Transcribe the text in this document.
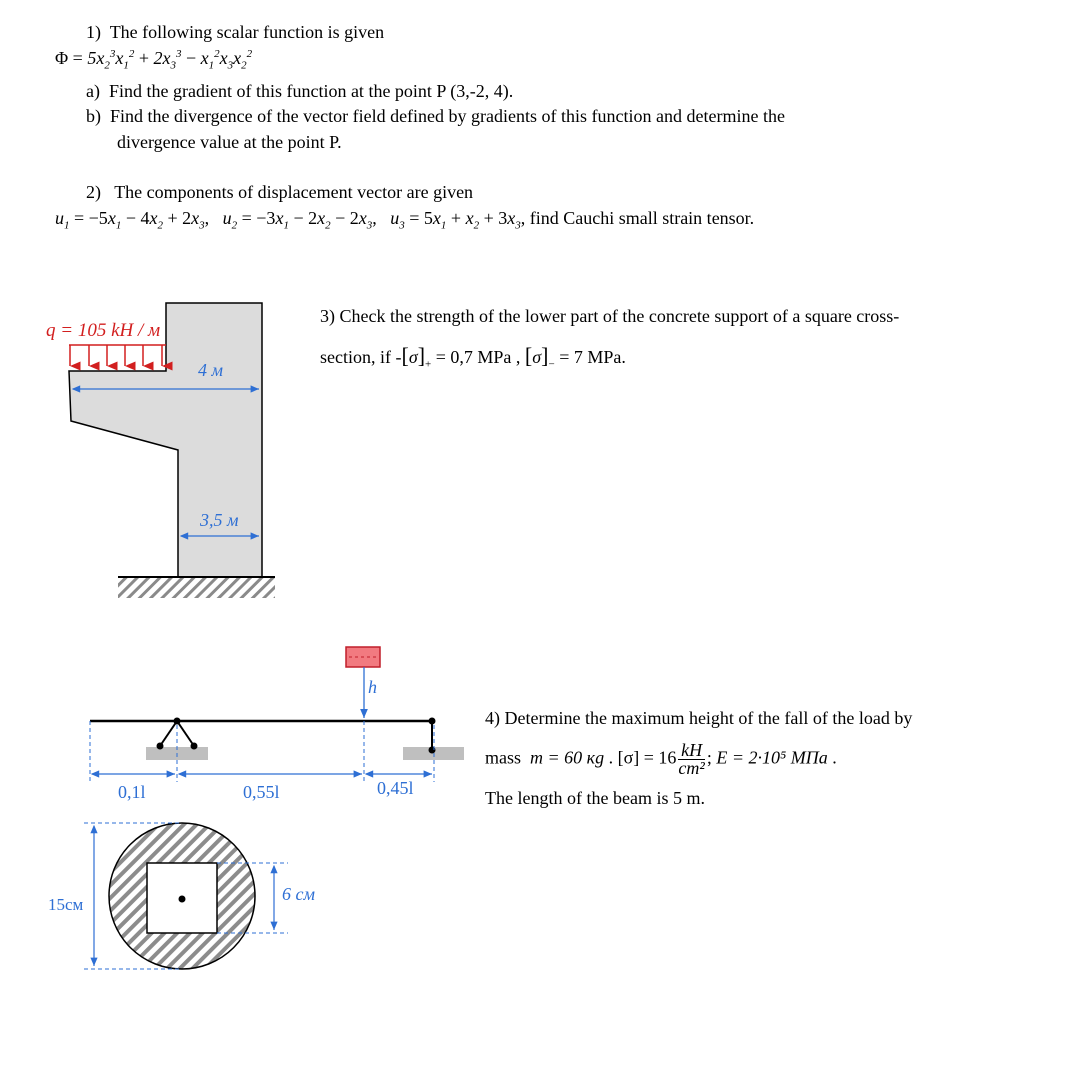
1) The following scalar function is given
$\Phi = 5x_2^3x_1^2 + 2x_3^3 - x_1^2x_3x_2^2$
a) Find the gradient of this function at the point P (3,-2, 4).
b) Find the divergence of the vector field defined by gradients of this function and determine the
divergence value at the point P.
2) The components of displacement vector are given
$u_1 = -5x_1 - 4x_2 + 2x_3$,   $u_2 = -3x_1 - 2x_2 - 2x_3$,   $u_3 = 5x_1 + x_2 + 3x_3$, find Cauchi small strain tensor.
3) Check the strength of the lower part of the concrete support of a square cross-
section, if $-[\sigma]_+ = 0,7$ MPa , $[\sigma]_- = 7$ MPa.
q = 105 kH / м
4 м
3,5 м
h
0,1l	0,55l	0,45l
15см
6 см
4) Determine the maximum height of the fall of the load by
mass m = 60 кg . $[\sigma] = 16 \frac{kH}{\text{cm²}}$ ; E = 2·10⁵ MПa .
The length of the beam is 5 m.
